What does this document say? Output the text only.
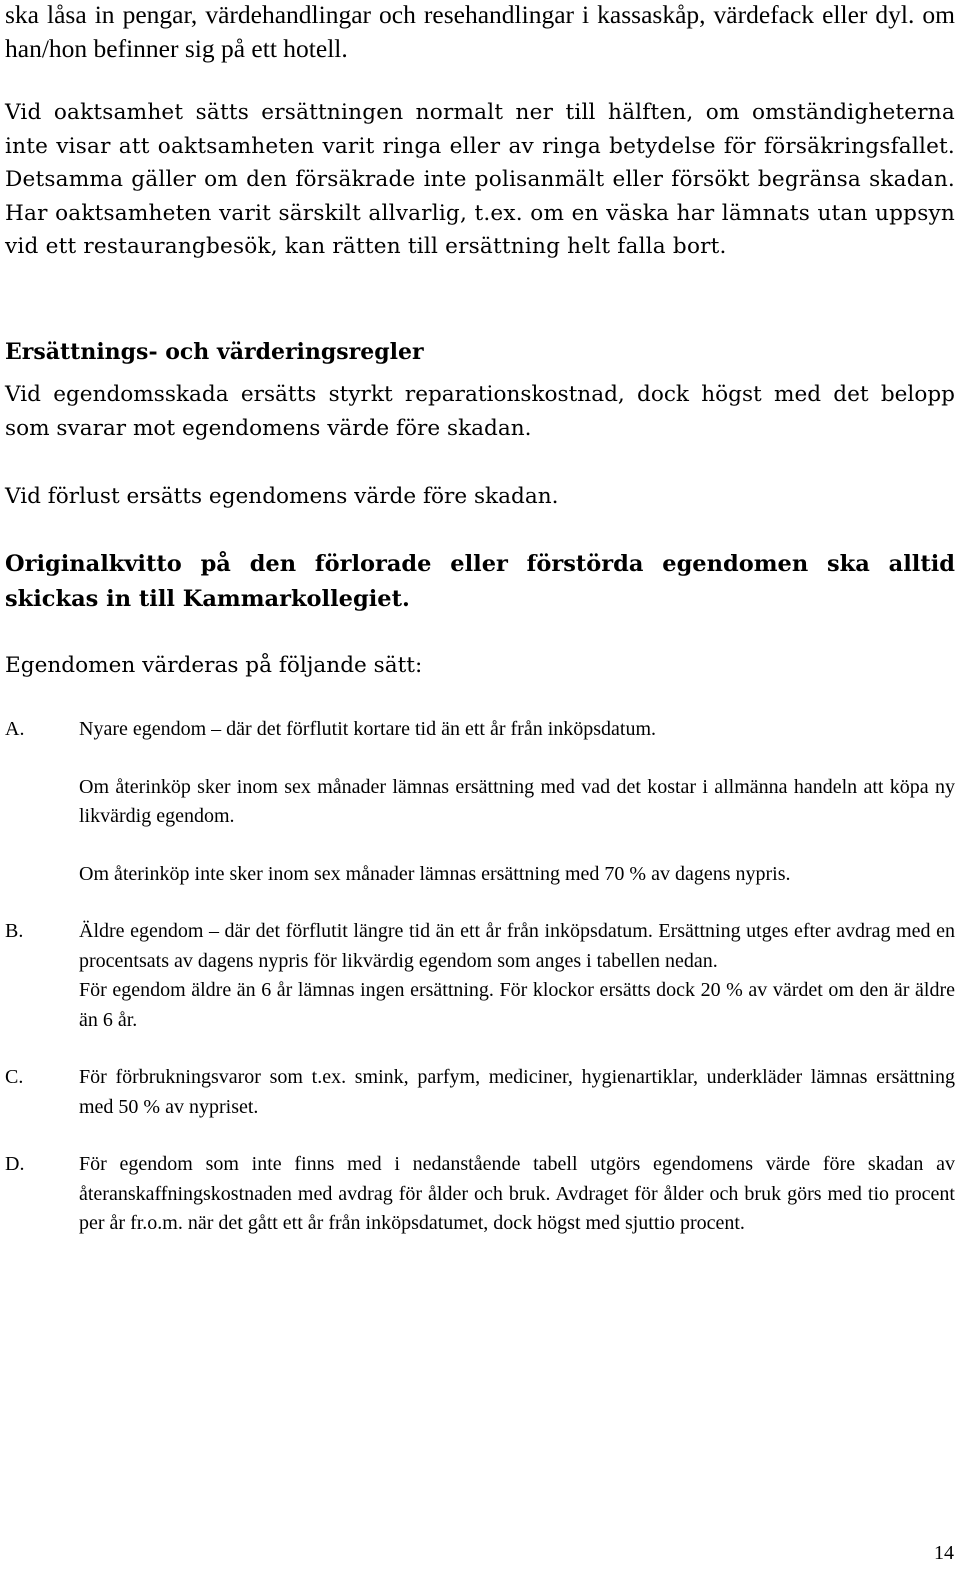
ska låsa in pengar, värdehandlingar och resehandlingar i kassaskåp, värdefack eller dyl. om han/hon befinner sig på ett hotell.

Vid oaktsamhet sätts ersättningen normalt ner till hälften, om omständigheterna inte visar att oaktsamheten varit ringa eller av ringa betydelse för försäkringsfallet. Detsamma gäller om den försäkrade inte polisanmält eller försökt begränsa skadan. Har oaktsamheten varit särskilt allvarlig, t.ex. om en väska har lämnats utan uppsyn vid ett restaurangbesök, kan rätten till ersättning helt falla bort.

Ersättnings- och värderingsregler

Vid egendomsskada ersätts styrkt reparationskostnad, dock högst med det belopp som svarar mot egendomens värde före skadan.

Vid förlust ersätts egendomens värde före skadan.

Originalkvitto på den förlorade eller förstörda egendomen ska alltid skickas in till Kammarkollegiet.

Egendomen värderas på följande sätt:

A.	Nyare egendom – där det förflutit kortare tid än ett år från inköpsdatum.

Om återinköp sker inom sex månader lämnas ersättning med vad det kostar i allmänna handeln att köpa ny likvärdig egendom.

Om återinköp inte sker inom sex månader lämnas ersättning med 70 % av dagens nypris.

B.	Äldre egendom – där det förflutit längre tid än ett år från inköpsdatum. Ersättning utges efter avdrag med en procentsats av dagens nypris för likvärdig egendom som anges i tabellen nedan.

För egendom äldre än 6 år lämnas ingen ersättning. För klockor ersätts dock 20 % av värdet om den är äldre än 6 år.

C.	För förbrukningsvaror som t.ex. smink, parfym, mediciner, hygienartiklar, underkläder lämnas ersättning med 50 % av nypriset.

D.	För egendom som inte finns med i nedanstående tabell utgörs egendomens värde före skadan av återanskaffningskostnaden med avdrag för ålder och bruk. Avdraget för ålder och bruk görs med tio procent per år fr.o.m. när det gått ett år från inköpsdatumet, dock högst med sjuttio procent.

14
